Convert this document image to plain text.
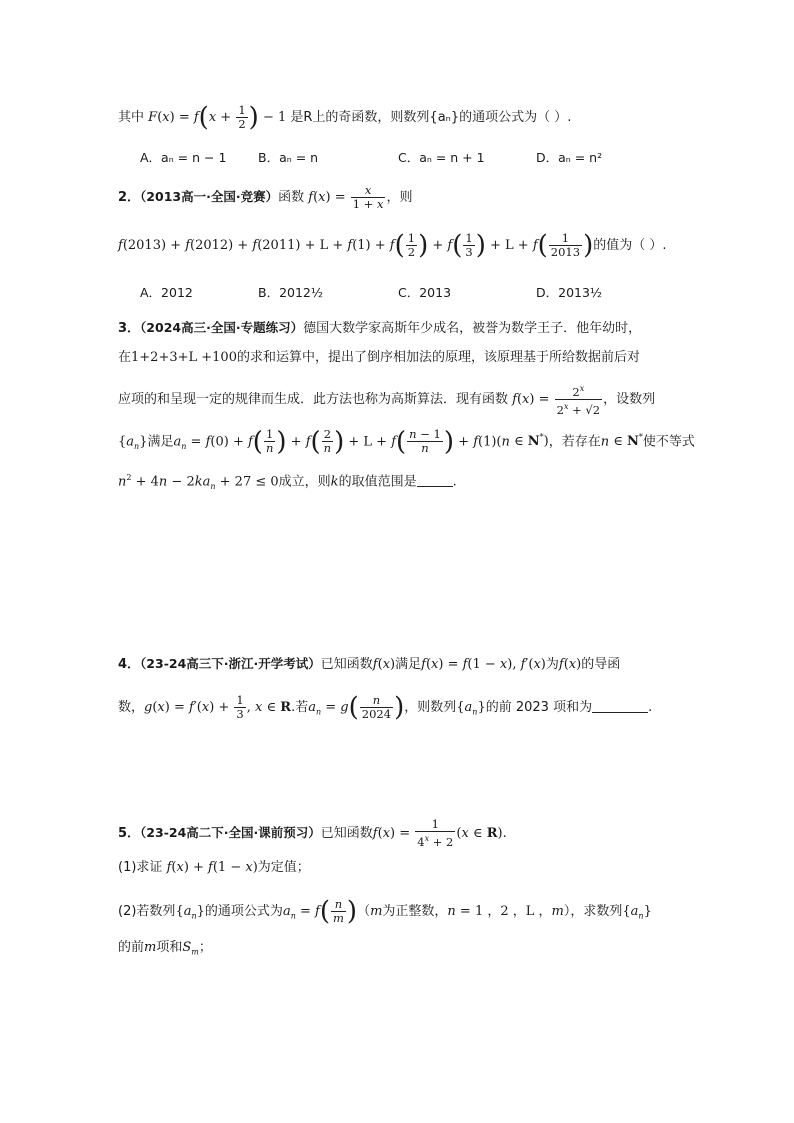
其中 $F(x) = f(x + \frac{1}{2}$ ) − 1 是R上的奇函数，则数列{aₙ}的通项公式为（ ）.
A．aₙ = n − 1	B．aₙ = n	C．aₙ = n + 1	D．aₙ = n²
2．（2013高一·全国·竞赛）函数 $f(x) = \frac{x}{1 + x}$ ，则
$f(2013) + f(2012) + f(2011) + L + f(1) + f( \frac{1}{2}$ ) + $f( \frac{1}{3}$ ) + $L + f( \frac{1}{2013}$ )的值为（ ）.
A．2012	B．2012½	C．2013	D．2013½
3．（2024高三·全国·专题练习）德国大数学家高斯年少成名，被誉为数学王子．他年幼时，
在1+2+3+L +100的求和运算中，提出了倒序相加法的原理，该原理基于所给数据前后对
应项的和呈现一定的规律而生成．此方法也称为高斯算法．现有函数 $f(x) = \frac{2^x}{2^x + √2}$ ，设数列
$\{a_n\}$满足$a_n = f(0) + f( \frac{1}{n}$ ) + $f( \frac{2}{n}$ ) + $L + f( \frac{n - 1}{n}$ ) + f(1)(n ∈ N*)，若存在n ∈ N*使不等式
$n^2 + 4n - 2ka_n + 27 \le 0$成立，则k的取值范围是	.
4．（23-24高三下·浙江·开学考试）已知函数f(x)满足f(x) = f(1 − x), f′(x)为f(x)的导函
数，$g(x) = f'(x) + \frac{1}{3}$ , x ∈ R.若$a_n = g( \frac{n}{2024}$ )，则数列$\{a_n\}$的前 2023 项和为	.
5．（23-24高二下·全国·课前预习）已知函数$f(x) = \frac{1}{4^x + 2} (x$ ∈ R).
(1)求证 f(x) + f(1 − x)为定值；
(2)若数列$\{a_n\}$的通项公式为$a_n = f( \frac{n}{m} )(m$为正整数，n = 1 ，2 ，L ，m），求数列$\{a_n\}$
的前m项和$S_m$；
